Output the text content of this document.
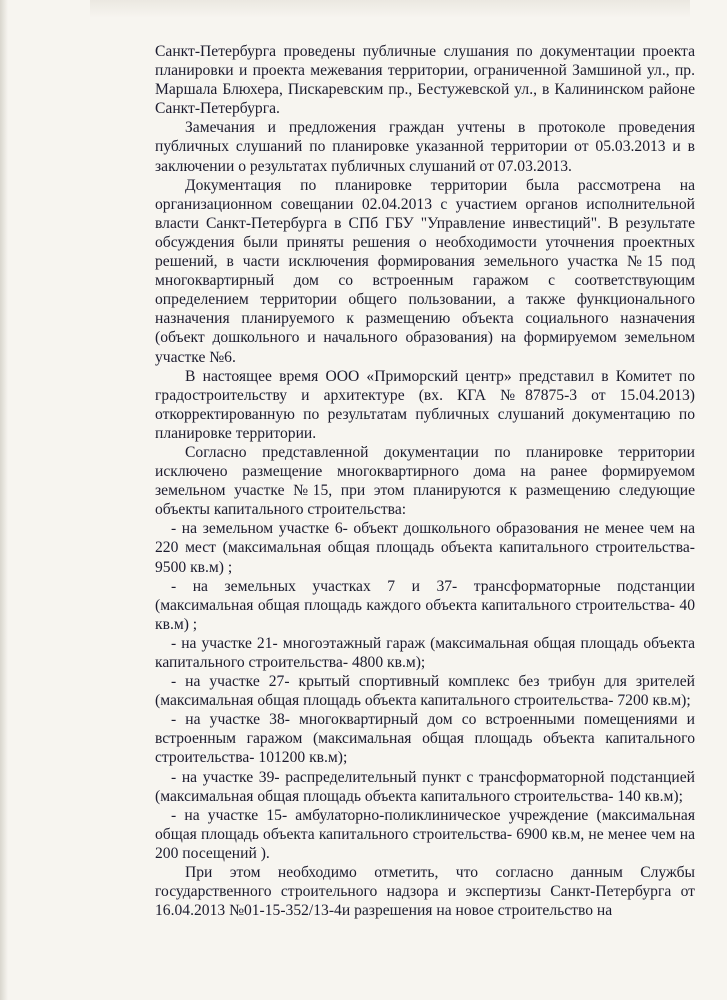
Санкт-Петербурга проведены публичные слушания по документации проекта планировки и проекта межевания территории, ограниченной Замшиной ул., пр. Маршала Блюхера, Пискаревским пр., Бестужевской ул., в Калининском районе Санкт-Петербурга.

Замечания и предложения граждан учтены в протоколе проведения публичных слушаний по планировке указанной территории от 05.03.2013 и в заключении о результатах публичных слушаний от 07.03.2013.

Документация по планировке территории была рассмотрена на организационном совещании 02.04.2013 с участием органов исполнительной власти Санкт-Петербурга в СПб ГБУ "Управление инвестиций". В результате обсуждения были приняты решения о необходимости уточнения проектных решений, в части исключения формирования земельного участка №15 под многоквартирный дом со встроенным гаражом с соответствующим определением территории общего пользовании, а также функционального назначения планируемого к размещению объекта социального назначения (объект дошкольного и начального образования) на формируемом земельном участке №6.

В настоящее время ООО «Приморский центр» представил в Комитет по градостроительству и архитектуре (вх. КГА №87875-3 от 15.04.2013) откорректированную по результатам публичных слушаний документацию по планировке территории.

Согласно представленной документации по планировке территории исключено размещение многоквартирного дома на ранее формируемом земельном участке №15, при этом планируются к размещению следующие объекты капитального строительства:

- на земельном участке 6- объект дошкольного образования не менее чем на 220 мест (максимальная общая площадь объекта капитального строительства- 9500 кв.м) ;

- на земельных участках 7 и 37- трансформаторные подстанции (максимальная общая площадь каждого объекта капитального строительства- 40 кв.м) ;

- на участке 21- многоэтажный гараж (максимальная общая площадь объекта капитального строительства- 4800 кв.м);

- на участке 27- крытый спортивный комплекс без трибун для зрителей (максимальная общая площадь объекта капитального строительства- 7200 кв.м);

- на участке 38- многоквартирный дом со встроенными помещениями и встроенным гаражом (максимальная общая площадь объекта капитального строительства- 101200 кв.м);

- на участке 39- распределительный пункт с трансформаторной подстанцией (максимальная общая площадь объекта капитального строительства- 140 кв.м);

- на участке 15- амбулаторно-поликлиническое учреждение (максимальная общая площадь объекта капитального строительства- 6900 кв.м, не менее чем на 200 посещений ).

При этом необходимо отметить, что согласно данным Службы государственного строительного надзора и экспертизы Санкт-Петербурга от 16.04.2013 №01-15-352/13-4и разрешения на новое строительство на
